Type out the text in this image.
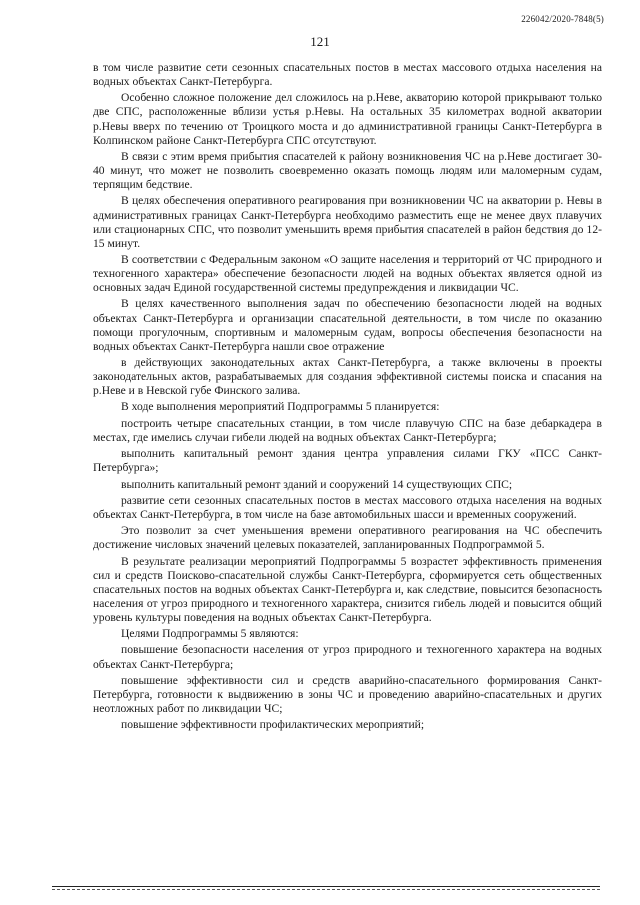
226042/2020-7848(5)
121

в том числе развитие сети сезонных спасательных постов в местах массового отдыха населения на водных объектах Санкт-Петербурга.

Особенно сложное положение дел сложилось на р.Неве, акваторию которой прикрывают только две СПС, расположенные вблизи устья р.Невы. На остальных 35 километрах водной акватории р.Невы вверх по течению от Троицкого моста и до административной границы Санкт-Петербурга в Колпинском районе Санкт-Петербурга СПС отсутствуют.

В связи с этим время прибытия спасателей к району возникновения ЧС на р.Неве достигает 30-40 минут, что может не позволить своевременно оказать помощь людям или маломерным судам, терпящим бедствие.

В целях обеспечения оперативного реагирования при возникновении ЧС на акватории р. Невы в административных границах Санкт-Петербурга необходимо разместить еще не менее двух плавучих или стационарных СПС, что позволит уменьшить время прибытия спасателей в район бедствия до 12-15 минут.

В соответствии с Федеральным законом «О защите населения и территорий от ЧС природного и техногенного характера» обеспечение безопасности людей на водных объектах является одной из основных задач Единой государственной системы предупреждения и ликвидации ЧС.

В целях качественного выполнения задач по обеспечению безопасности людей на водных объектах Санкт-Петербурга и организации спасательной деятельности, в том числе по оказанию помощи прогулочным, спортивным и маломерным судам, вопросы обеспечения безопасности на водных объектах Санкт-Петербурга нашли свое отражение

в действующих законодательных актах Санкт-Петербурга, а также включены в проекты законодательных актов, разрабатываемых для создания эффективной системы поиска и спасания на р.Неве и в Невской губе Финского залива.

В ходе выполнения мероприятий Подпрограммы 5 планируется:

построить четыре спасательных станции, в том числе плавучую СПС на базе дебаркадера в местах, где имелись случаи гибели людей на водных объектах Санкт-Петербурга;

выполнить капитальный ремонт здания центра управления силами ГКУ «ПСС Санкт-Петербурга»;

выполнить капитальный ремонт зданий и сооружений 14 существующих СПС;

развитие сети сезонных спасательных постов в местах массового отдыха населения на водных объектах Санкт-Петербурга, в том числе на базе автомобильных шасси и временных сооружений.

Это позволит за счет уменьшения времени оперативного реагирования на ЧС обеспечить достижение числовых значений целевых показателей, запланированных Подпрограммой 5.

В результате реализации мероприятий Подпрограммы 5 возрастет эффективность применения сил и средств Поисково-спасательной службы Санкт-Петербурга, сформируется сеть общественных спасательных постов на водных объектах Санкт-Петербурга и, как следствие, повысится безопасность населения от угроз природного и техногенного характера, снизится гибель людей и повысится общий уровень культуры поведения на водных объектах Санкт-Петербурга.

Целями Подпрограммы 5 являются:

повышение безопасности населения от угроз природного и техногенного характера на водных объектах Санкт-Петербурга;

повышение эффективности сил и средств аварийно-спасательного формирования Санкт-Петербурга, готовности к выдвижению в зоны ЧС и проведению аварийно-спасательных и других неотложных работ по ликвидации ЧС;

повышение эффективности профилактических мероприятий;
